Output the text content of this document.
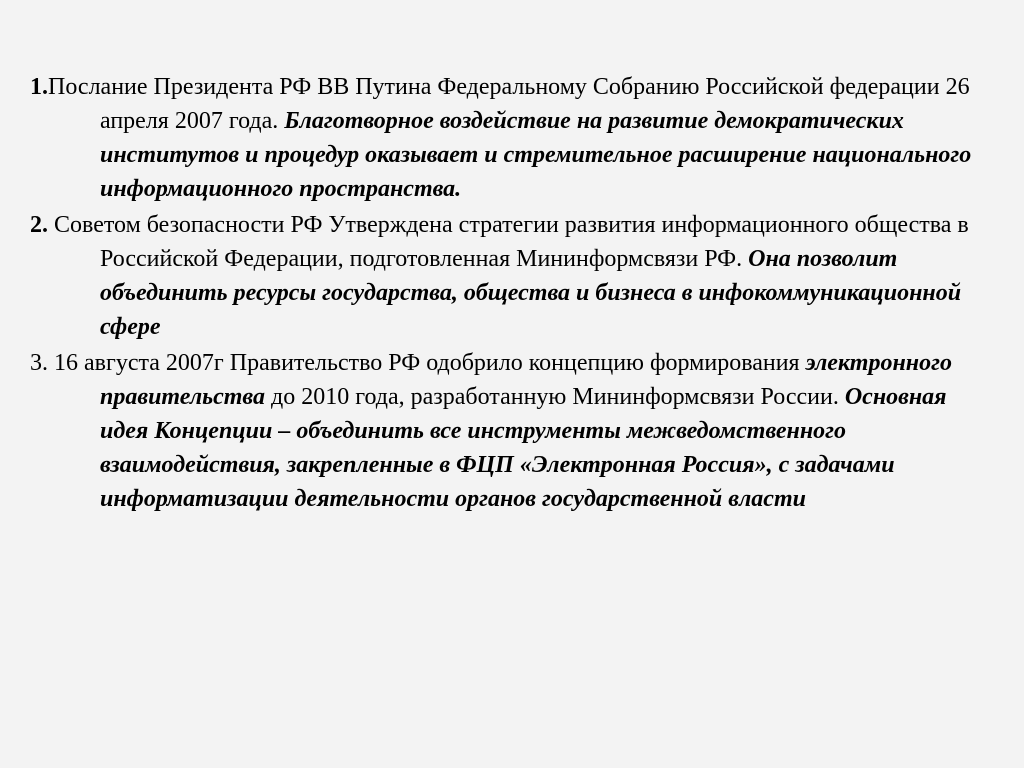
1.Послание Президента РФ ВВ Путина Федеральному Собранию Российской федерации 26 апреля 2007 года. Благотворное воздействие на развитие демократических институтов и процедур оказывает и стремительное расширение национального информационного пространства.

2. Советом безопасности РФ Утверждена стратегии развития информационного общества в Российской Федерации, подготовленная Мининформсвязи РФ. Она позволит объединить ресурсы государства, общества и бизнеса в инфокоммуникационной сфере

3. 16 августа 2007г Правительство РФ одобрило концепцию формирования электронного правительства до 2010 года, разработанную Мининформсвязи России. Основная идея Концепции – объединить все инструменты межведомственного взаимодействия, закрепленные в ФЦП «Электронная Россия», с задачами информатизации деятельности органов государственной власти
